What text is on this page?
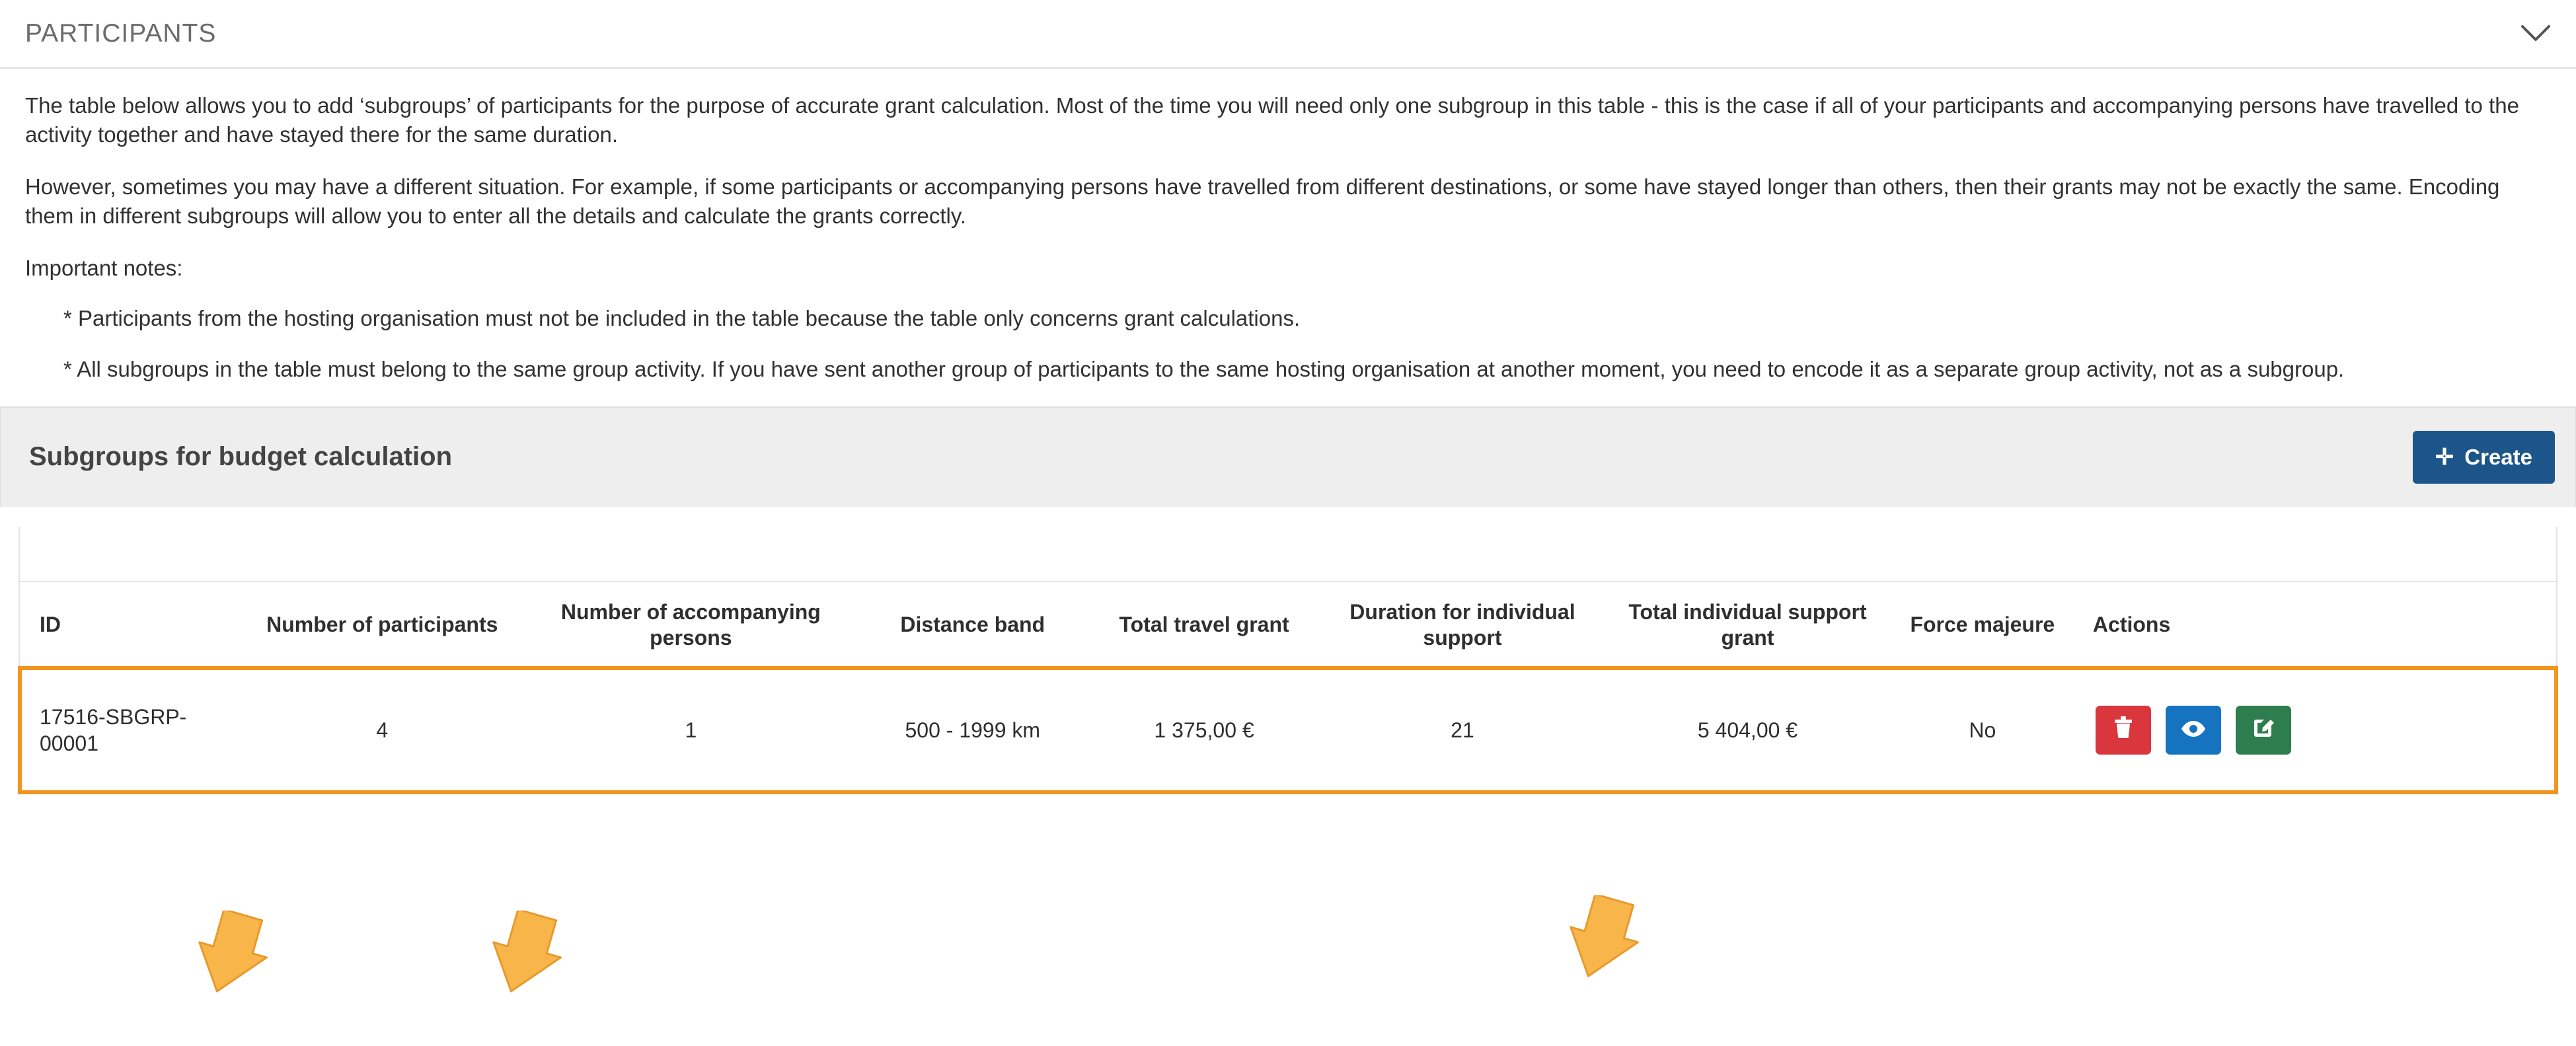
PARTICIPANTS

The table below allows you to add ‘subgroups’ of participants for the purpose of accurate grant calculation. Most of the time you will need only one subgroup in this table - this is the case if all of your participants and accompanying persons have travelled to the activity together and have stayed there for the same duration.

However, sometimes you may have a different situation. For example, if some participants or accompanying persons have travelled from different destinations, or some have stayed longer than others, then their grants may not be exactly the same. Encoding them in different subgroups will allow you to enter all the details and calculate the grants correctly.

Important notes:

* Participants from the hosting organisation must not be included in the table because the table only concerns grant calculations.

* All subgroups in the table must belong to the same group activity. If you have sent another group of participants to the same hosting organisation at another moment, you need to encode it as a separate group activity, not as a subgroup.

Subgroups for budget calculation	✛ Create
ID	Number of participants	Number of accompanying persons	Distance band	Total travel grant	Duration for individual support	Total individual support grant	Force majeure	Actions
17516-SBGRP-00001	4	1	500 - 1999 km	1 375,00 €	21	5 404,00 €	No	
